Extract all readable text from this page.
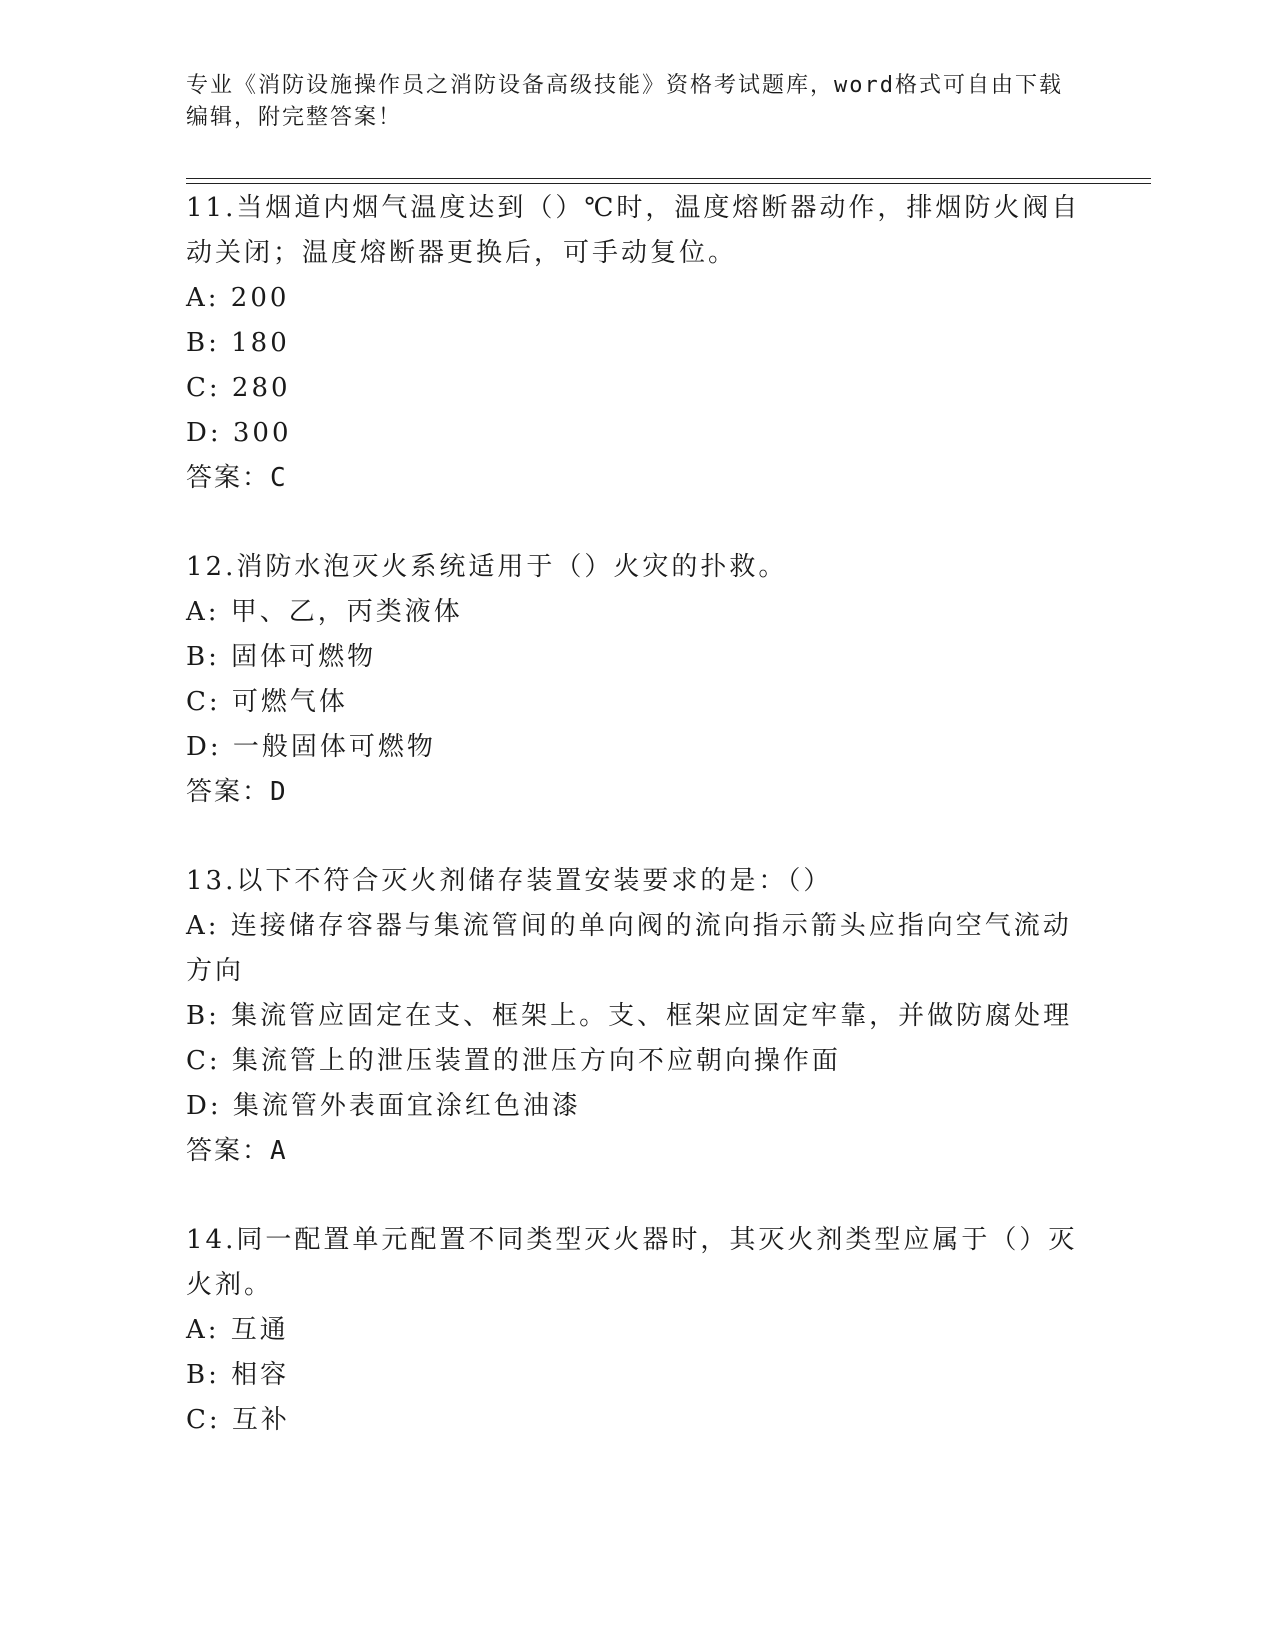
专业《消防设施操作员之消防设备高级技能》资格考试题库，word格式可自由下载编辑，附完整答案！
11.当烟道内烟气温度达到（）℃时，温度熔断器动作，排烟防火阀自动关闭；温度熔断器更换后，可手动复位。
A: 200
B: 180
C: 280
D: 300
答案：C
12.消防水泡灭火系统适用于（）火灾的扑救。
A: 甲、乙，丙类液体
B: 固体可燃物
C: 可燃气体
D: 一般固体可燃物
答案：D
13.以下不符合灭火剂储存装置安装要求的是：（）
A: 连接储存容器与集流管间的单向阀的流向指示箭头应指向空气流动方向
B: 集流管应固定在支、框架上。支、框架应固定牢靠，并做防腐处理
C: 集流管上的泄压装置的泄压方向不应朝向操作面
D: 集流管外表面宜涂红色油漆
答案：A
14.同一配置单元配置不同类型灭火器时，其灭火剂类型应属于（）灭火剂。
A: 互通
B: 相容
C: 互补
